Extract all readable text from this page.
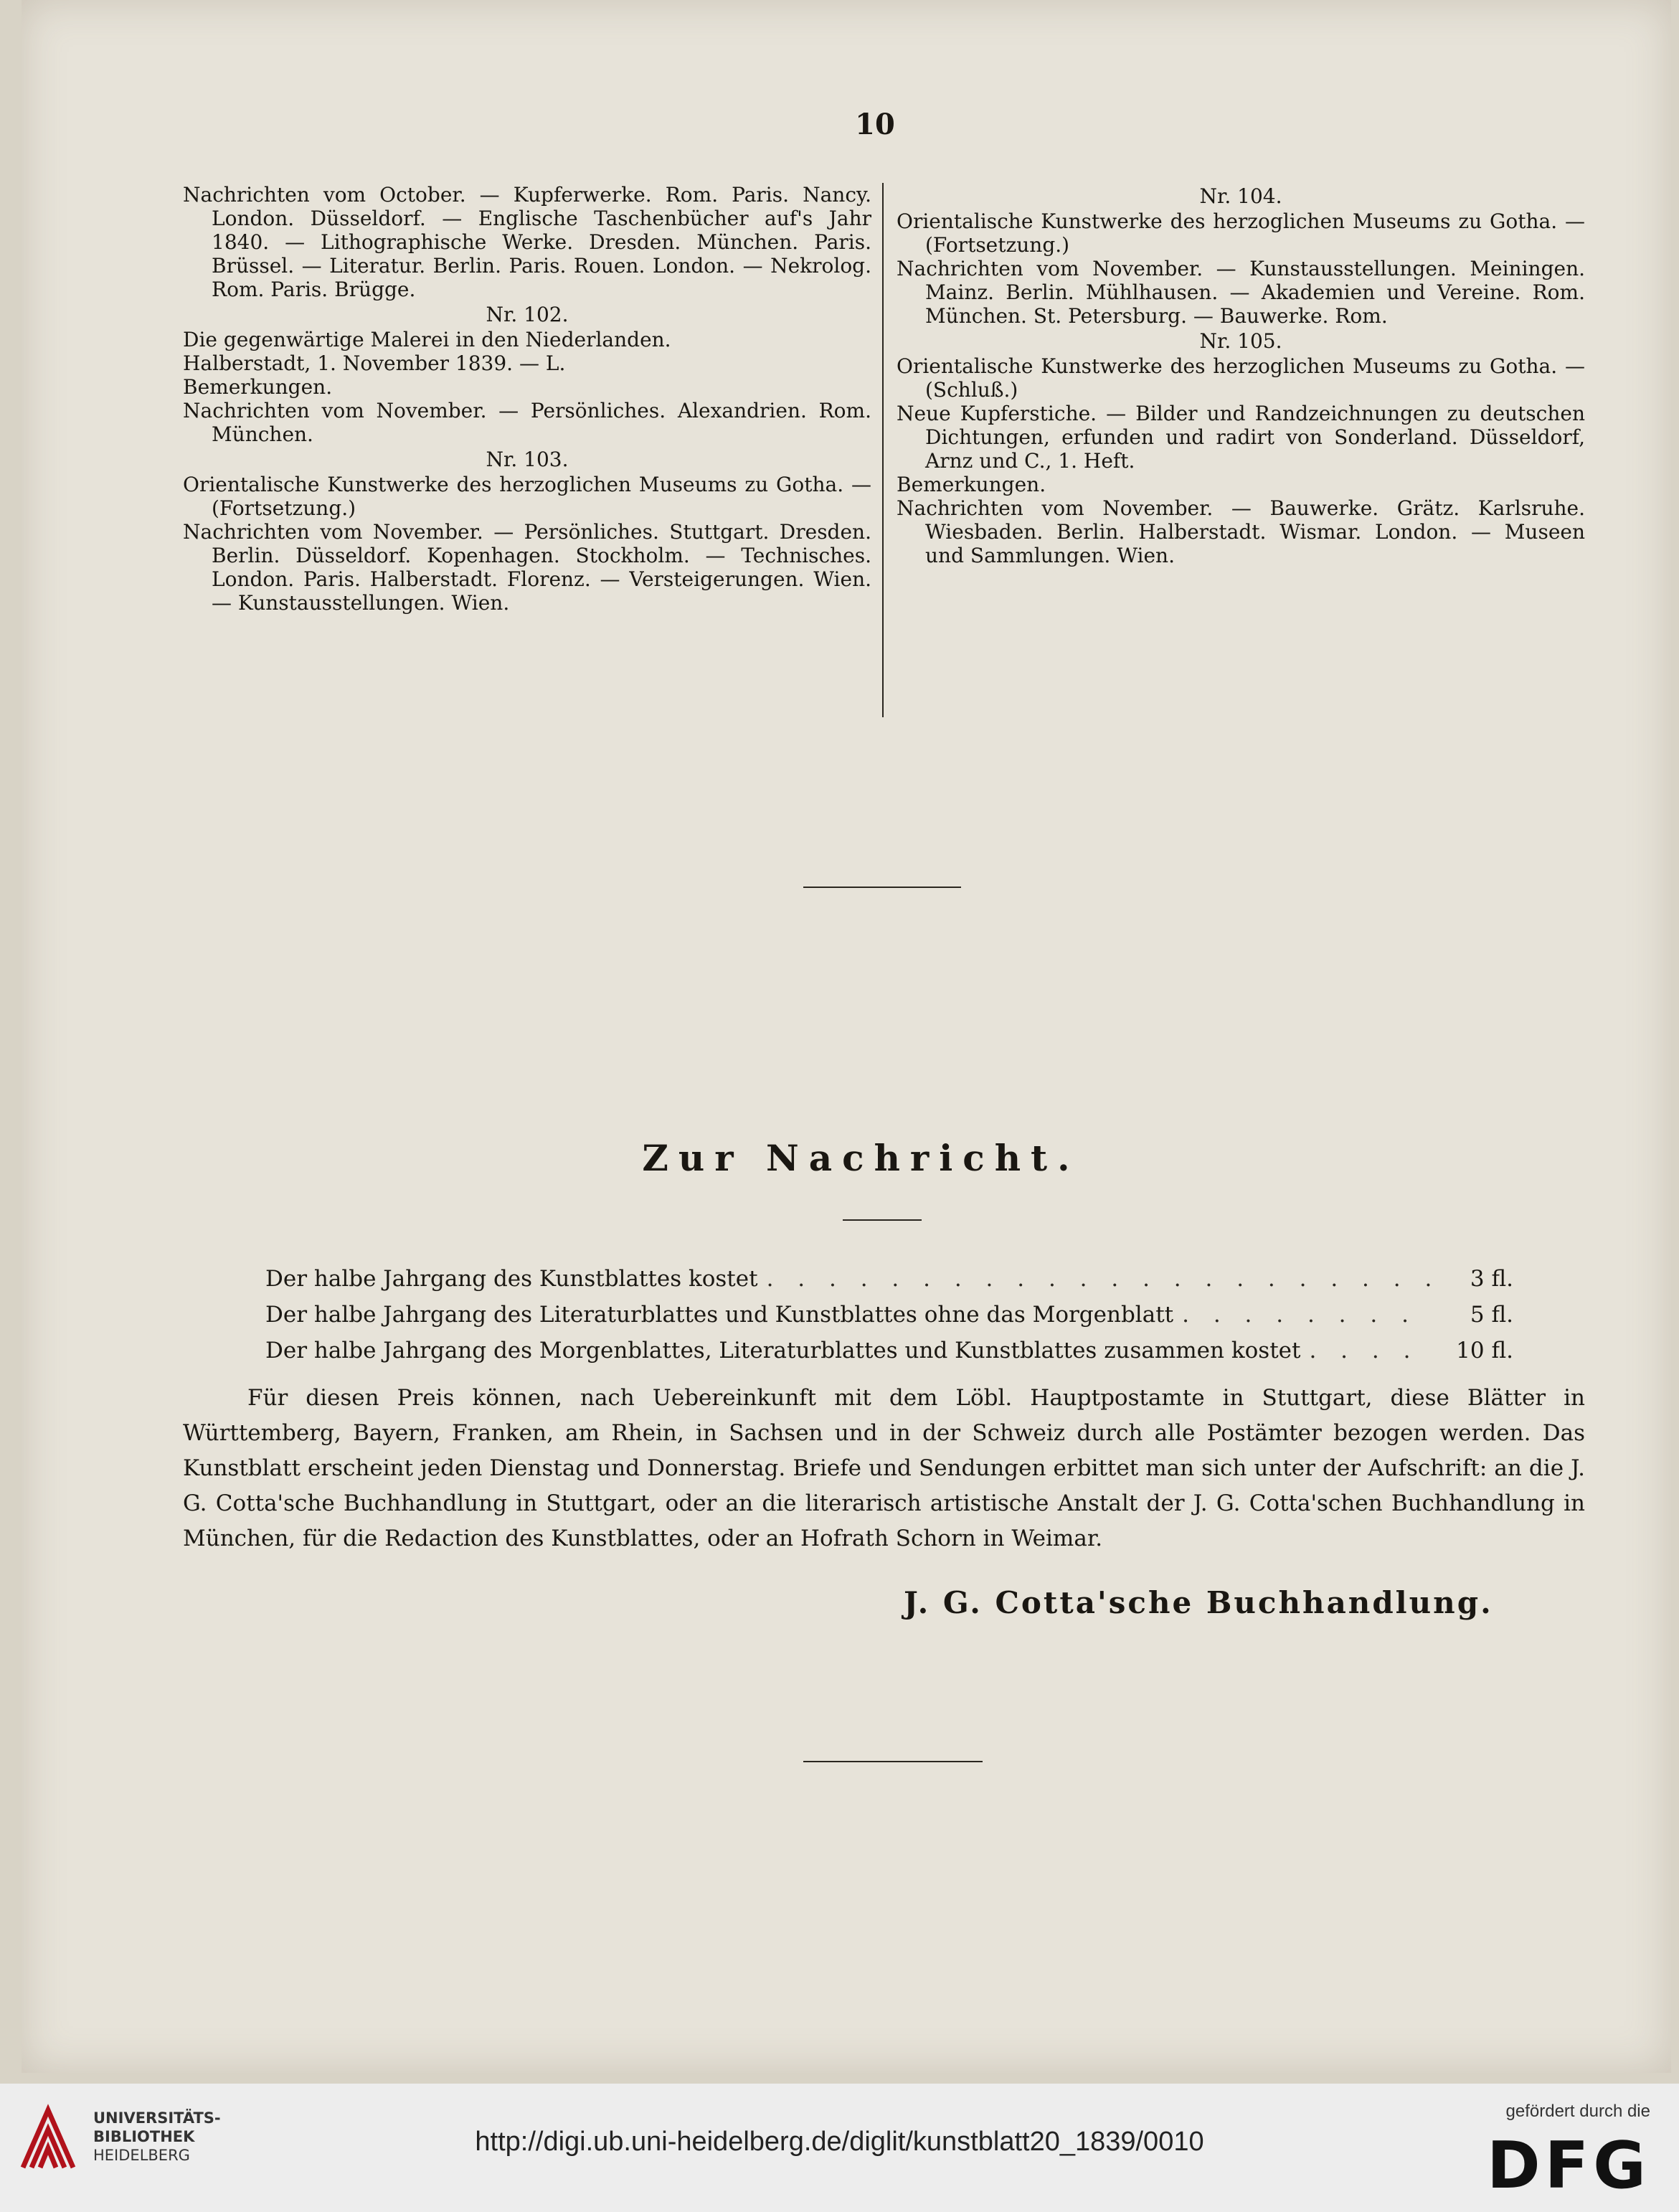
10

Nachrichten vom October. — Kupferwerke. Rom. Paris. Nancy. London. Düsseldorf. — Englische Taschenbücher auf's Jahr 1840. — Lithographische Werke. Dresden. München. Paris. Brüssel. — Literatur. Berlin. Paris. Rouen. London. — Nekrolog. Rom. Paris. Brügge.

Nr. 102.

Die gegenwärtige Malerei in den Niederlanden.

Halberstadt, 1. November 1839. — L.

Bemerkungen.

Nachrichten vom November. — Persönliches. Alexandrien. Rom. München.

Nr. 103.

Orientalische Kunstwerke des herzoglichen Museums zu Gotha. — (Fortsetzung.)

Nachrichten vom November. — Persönliches. Stuttgart. Dresden. Berlin. Düsseldorf. Kopenhagen. Stockholm. — Technisches. London. Paris. Halberstadt. Florenz. — Versteigerungen. Wien. — Kunstausstellungen. Wien.

Nr. 104.

Orientalische Kunstwerke des herzoglichen Museums zu Gotha. — (Fortsetzung.)

Nachrichten vom November. — Kunstausstellungen. Meiningen. Mainz. Berlin. Mühlhausen. — Akademien und Vereine. Rom. München. St. Petersburg. — Bauwerke. Rom.

Nr. 105.

Orientalische Kunstwerke des herzoglichen Museums zu Gotha. — (Schluß.)

Neue Kupferstiche. — Bilder und Randzeichnungen zu deutschen Dichtungen, erfunden und radirt von Sonderland. Düsseldorf, Arnz und C., 1. Heft.

Bemerkungen.

Nachrichten vom November. — Bauwerke. Grätz. Karlsruhe. Wiesbaden. Berlin. Halberstadt. Wismar. London. — Museen und Sammlungen. Wien.

Zur Nachricht.
Der halbe Jahrgang des Kunstblattes kostet . . .	3 fl.
Der halbe Jahrgang des Literaturblattes und Kunstblattes ohne das Morgenblatt . . .	5 fl.
Der halbe Jahrgang des Morgenblattes, Literaturblattes und Kunstblattes zusammen kostet . . .	10 fl.

Für diesen Preis können, nach Uebereinkunft mit dem Löbl. Hauptpostamte in Stuttgart, diese Blätter in Württemberg, Bayern, Franken, am Rhein, in Sachsen und in der Schweiz durch alle Postämter bezogen werden. Das Kunstblatt erscheint jeden Dienstag und Donnerstag. Briefe und Sendungen erbittet man sich unter der Aufschrift: an die J. G. Cotta'sche Buchhandlung in Stuttgart, oder an die literarisch artistische Anstalt der J. G. Cotta'schen Buchhandlung in München, für die Redaction des Kunstblattes, oder an Hofrath Schorn in Weimar.

J. G. Cotta'sche Buchhandlung.
UNIVERSITÄTS-
BIBLIOTHEK
HEIDELBERG	http://digi.ub.uni-heidelberg.de/diglit/kunstblatt20_1839/0010
gefördert durch die
DFG
